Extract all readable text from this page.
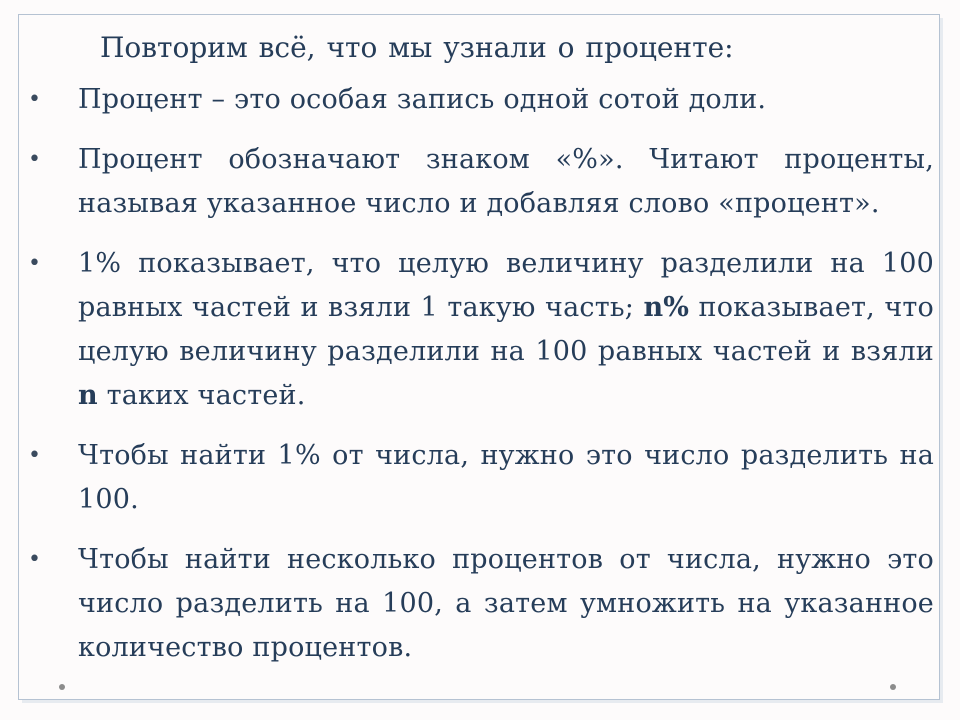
Повторим всё, что мы узнали о проценте:
• Процент – это особая запись одной сотой доли.
• Процент обозначают знаком «%». Читают проценты, называя указанное число и добавляя слово «процент».
• 1% показывает, что целую величину разделили на 100 равных частей и взяли 1 такую часть; n% показывает, что целую величину разделили на 100 равных частей и взяли n таких частей.
• Чтобы найти 1% от числа, нужно это число разделить на 100.
• Чтобы найти несколько процентов от числа, нужно это число разделить на 100, а затем умножить на указанное количество процентов.
